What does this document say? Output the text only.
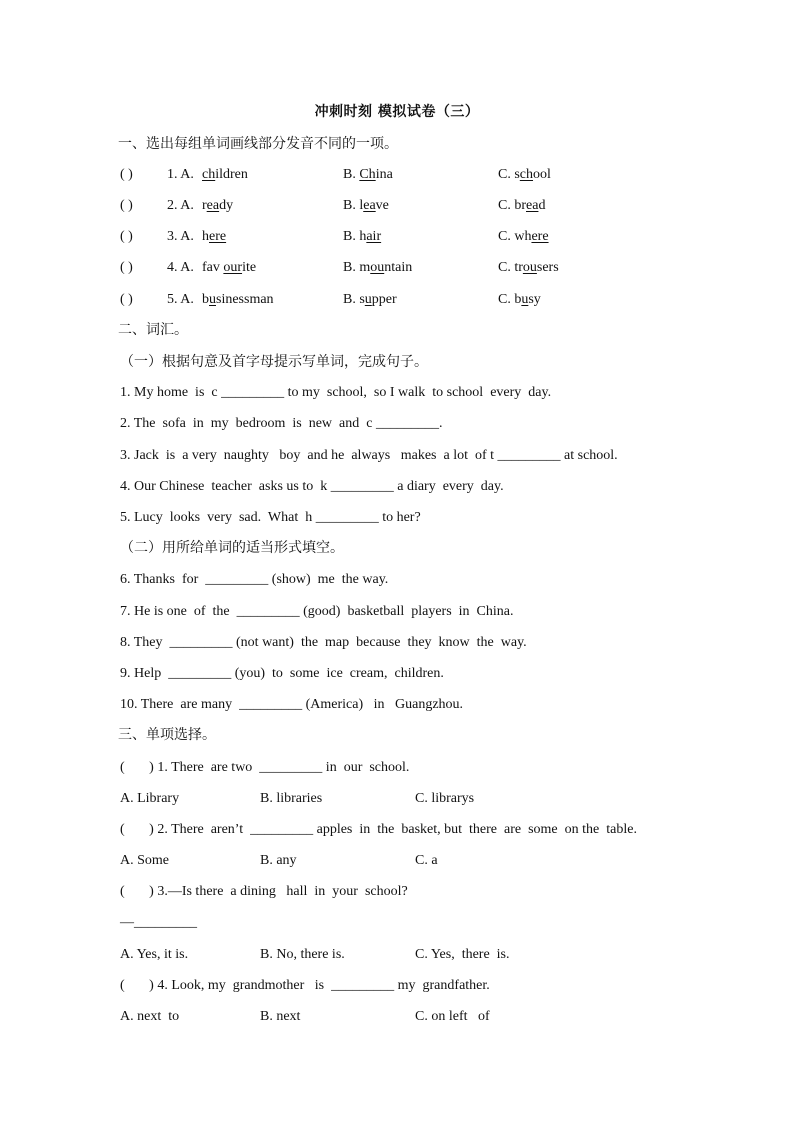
冲刺时刻 模拟试卷（三）
一、选出每组单词画线部分发音不同的一项。
( ) 1. A. children	B. China	C. school
( ) 2. A. ready	B. leave	C. bread
( ) 3. A. here	B. hair	C. where
( ) 4. A. fav ourite	B. mountain	C. trousers
( ) 5. A. businessman	B. supper	C. busy
二、词汇。
（一）根据句意及首字母提示写单词，完成句子。
1. My home  is  c _________ to my  school,  so I walk  to school  every  day.
2. The  sofa  in  my  bedroom  is  new  and  c _________.
3. Jack  is  a very  naughty   boy  and he  always   makes  a lot  of t _________ at school.
4. Our Chinese  teacher  asks us to  k _________ a diary  every  day.
5. Lucy  looks  very  sad.  What  h _________ to her?
（二）用所给单词的适当形式填空。
6. Thanks  for  _________ (show)  me  the way.
7. He is one  of  the  _________ (good)  basketball  players  in  China.
8. They  _________ (not want)  the  map  because  they  know  the  way.
9. Help  _________ (you)  to  some  ice  cream,  children.
10. There  are many  _________ (America)   in   Guangzhou.
三、单项选择。
(       ) 1. There  are two  _________ in  our  school.
A. Library	B. libraries	C. librarys
(       ) 2. There  aren’t  _________ apples  in  the  basket, but  there  are  some  on the  table.
A. Some	B. any	C. a
(       ) 3.—Is there  a dining   hall  in  your  school?
—_________
A. Yes, it is.	B. No, there is.	C. Yes,  there  is.
(       ) 4. Look, my  grandmother   is  _________ my  grandfather.
A. next  to	B. next	C. on left   of
